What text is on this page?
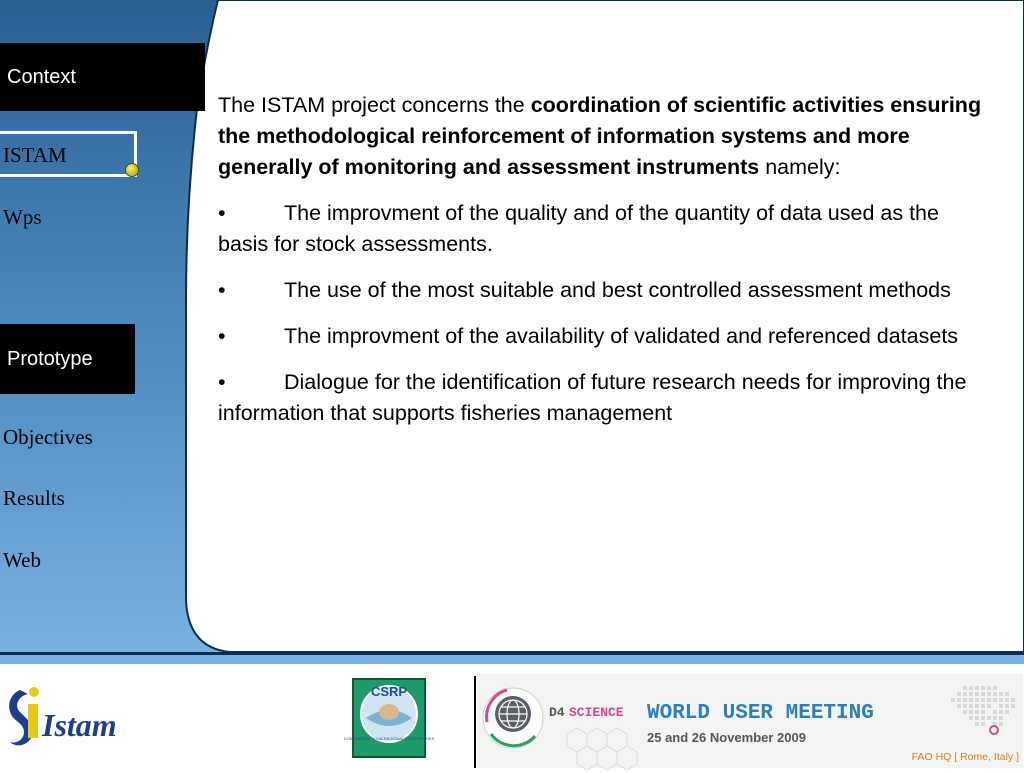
Context
ISTAM
Wps
Prototype
Objectives
Results
Web

The ISTAM project concerns the coordination of scientific activities ensuring the methodological reinforcement of information systems and more generally of monitoring and assessment instruments namely:

•	The improvment of the quality and of the quantity of data used as the basis for stock assessments.

•	The use of the most suitable and best controlled assessment methods

•	The improvment of the availability of validated and referenced datasets

•	Dialogue for the identification of future research needs for improving the information that supports fisheries management

Istam
CSRP
COMMISSION SOUS-REGIONALE DES PECHES
D4 SCIENCE WORLD USER MEETING
25 and 26 November 2009
FAO HQ [ Rome, Italy ]
